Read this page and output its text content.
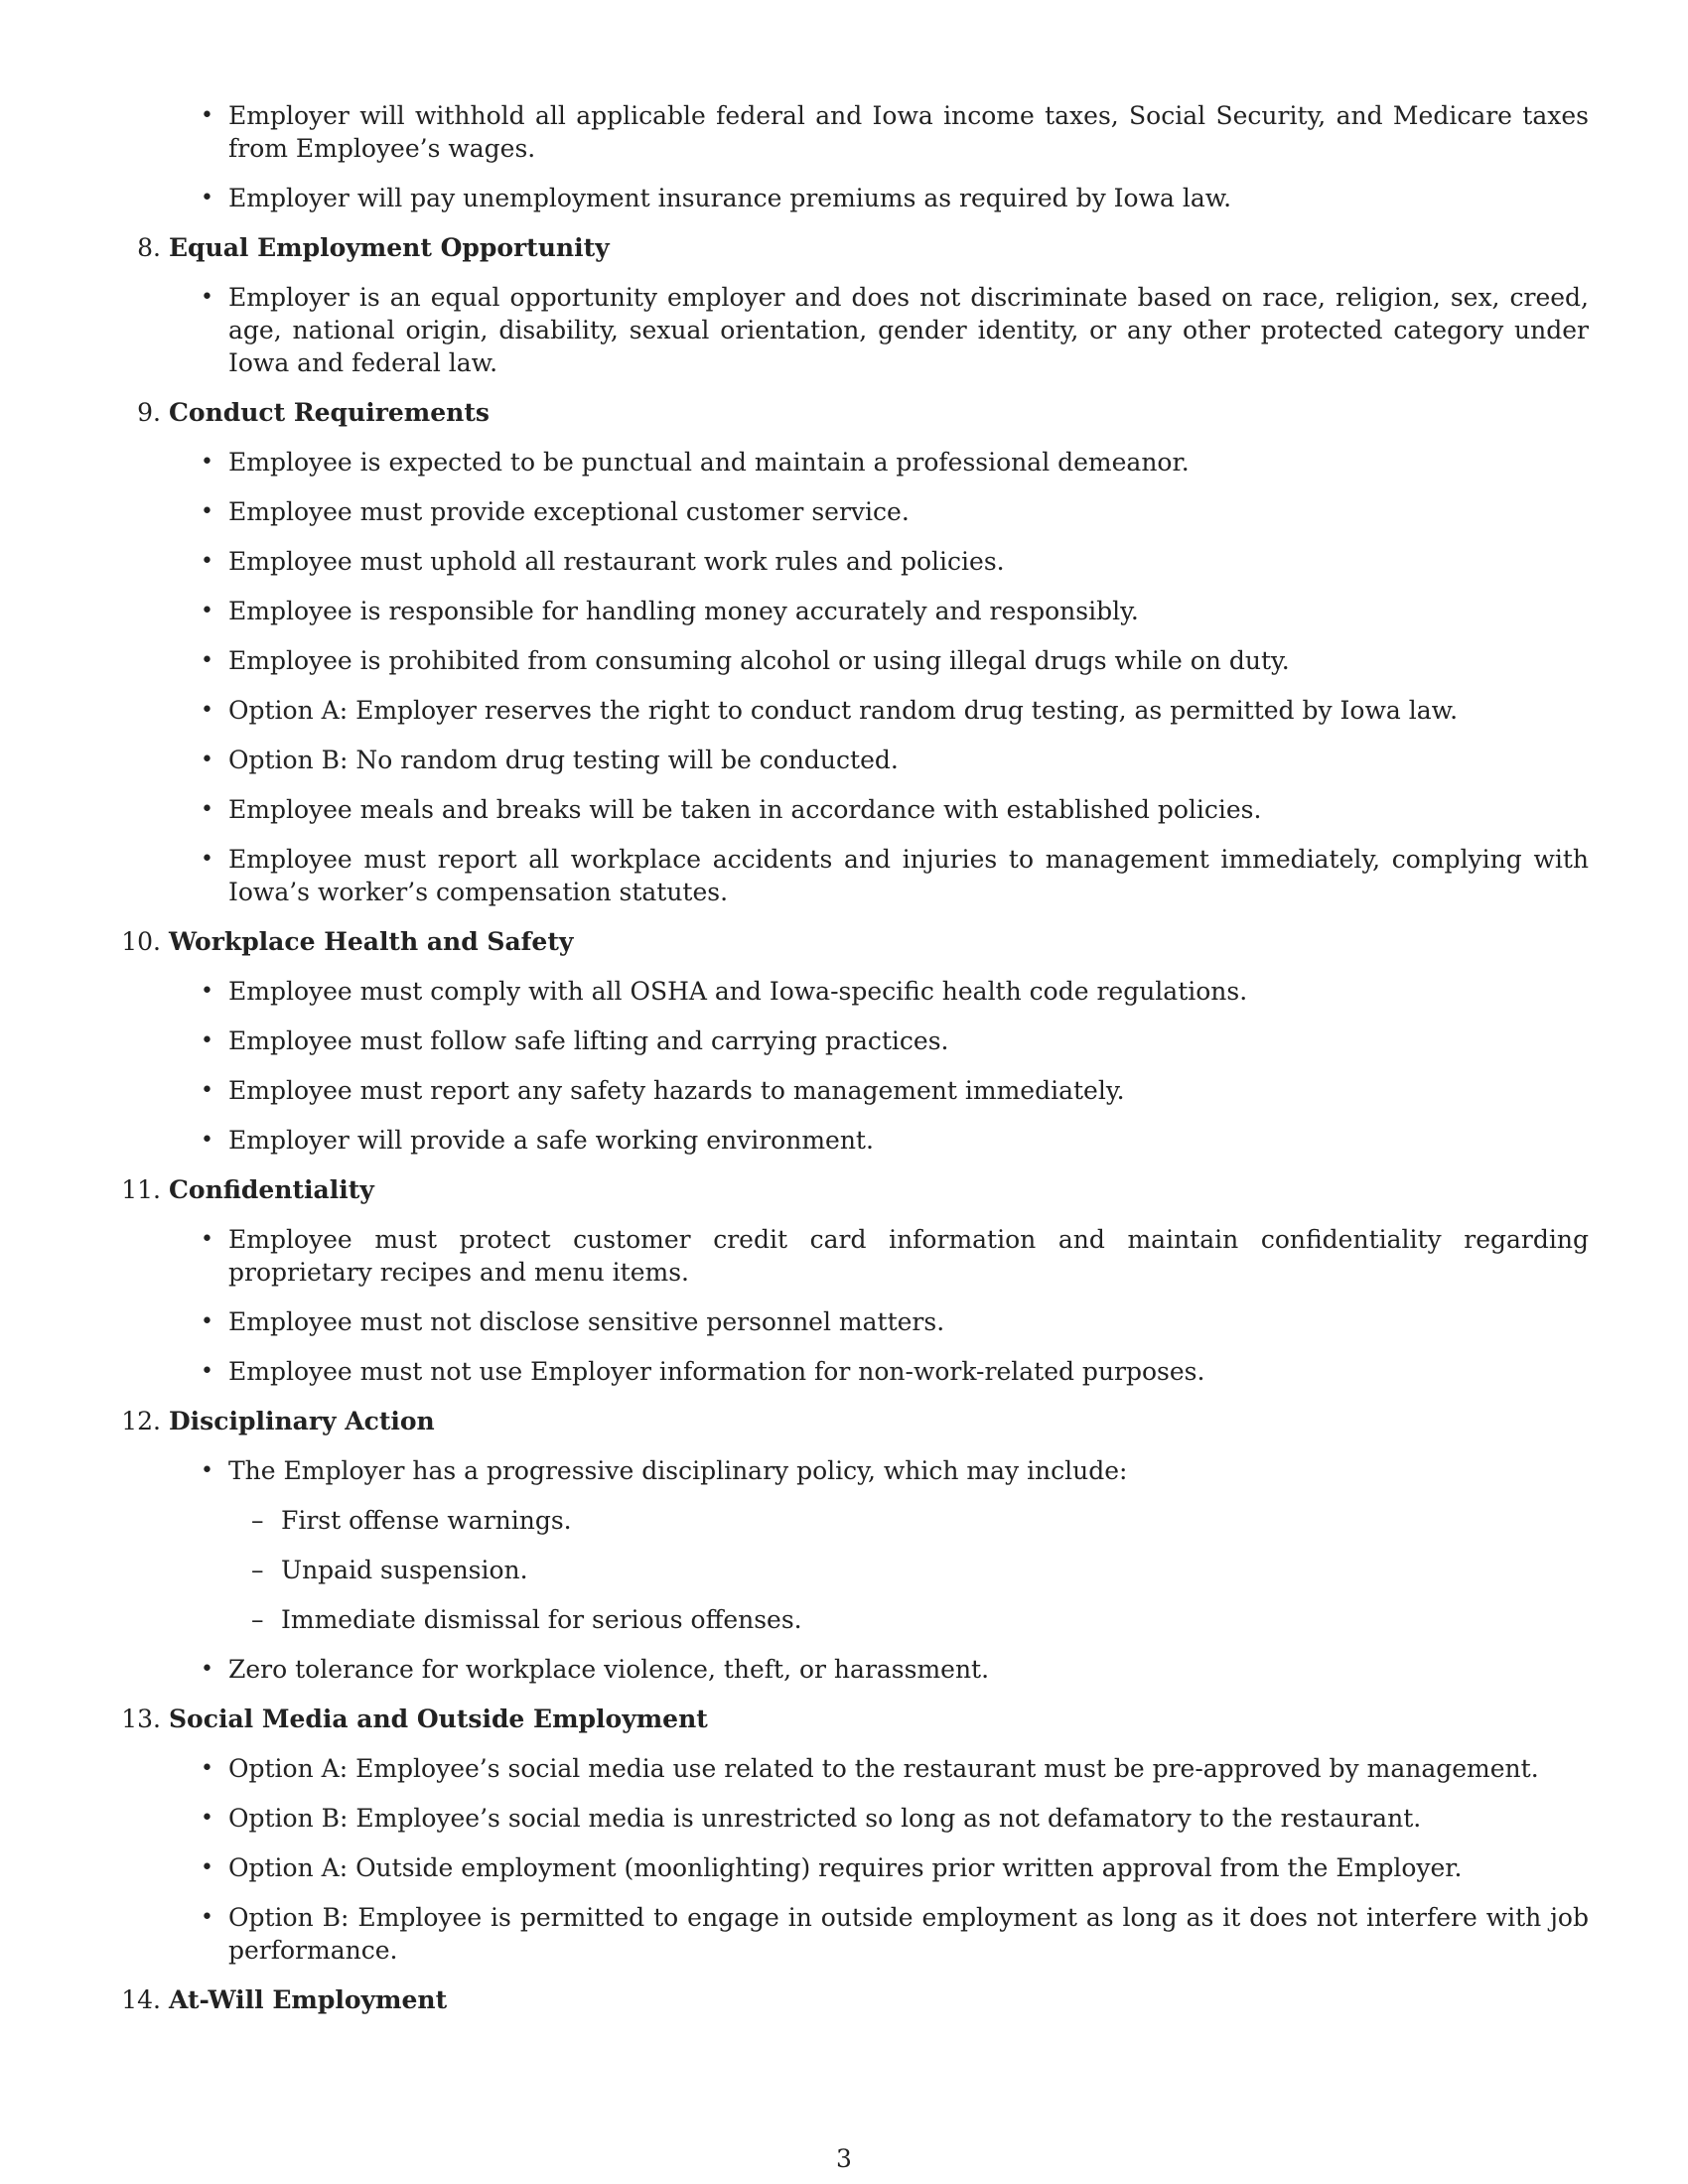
• Employer will withhold all applicable federal and Iowa income taxes, Social Security, and Medicare taxes from Employee’s wages.
• Employer will pay unemployment insurance premiums as required by Iowa law.
8. Equal Employment Opportunity
• Employer is an equal opportunity employer and does not discriminate based on race, religion, sex, creed, age, national origin, disability, sexual orientation, gender identity, or any other protected category under Iowa and federal law.
9. Conduct Requirements
• Employee is expected to be punctual and maintain a professional demeanor.
• Employee must provide exceptional customer service.
• Employee must uphold all restaurant work rules and policies.
• Employee is responsible for handling money accurately and responsibly.
• Employee is prohibited from consuming alcohol or using illegal drugs while on duty.
• Option A: Employer reserves the right to conduct random drug testing, as permitted by Iowa law.
• Option B: No random drug testing will be conducted.
• Employee meals and breaks will be taken in accordance with established policies.
• Employee must report all workplace accidents and injuries to management immediately, complying with Iowa’s worker’s compensation statutes.
10. Workplace Health and Safety
• Employee must comply with all OSHA and Iowa-specific health code regulations.
• Employee must follow safe lifting and carrying practices.
• Employee must report any safety hazards to management immediately.
• Employer will provide a safe working environment.
11. Confidentiality
• Employee must protect customer credit card information and maintain confidentiality regarding proprietary recipes and menu items.
• Employee must not disclose sensitive personnel matters.
• Employee must not use Employer information for non-work-related purposes.
12. Disciplinary Action
• The Employer has a progressive disciplinary policy, which may include:
– First offense warnings.
– Unpaid suspension.
– Immediate dismissal for serious offenses.
• Zero tolerance for workplace violence, theft, or harassment.
13. Social Media and Outside Employment
• Option A: Employee’s social media use related to the restaurant must be pre-approved by management.
• Option B: Employee’s social media is unrestricted so long as not defamatory to the restaurant.
• Option A: Outside employment (moonlighting) requires prior written approval from the Employer.
• Option B: Employee is permitted to engage in outside employment as long as it does not interfere with job performance.
14. At-Will Employment
3
